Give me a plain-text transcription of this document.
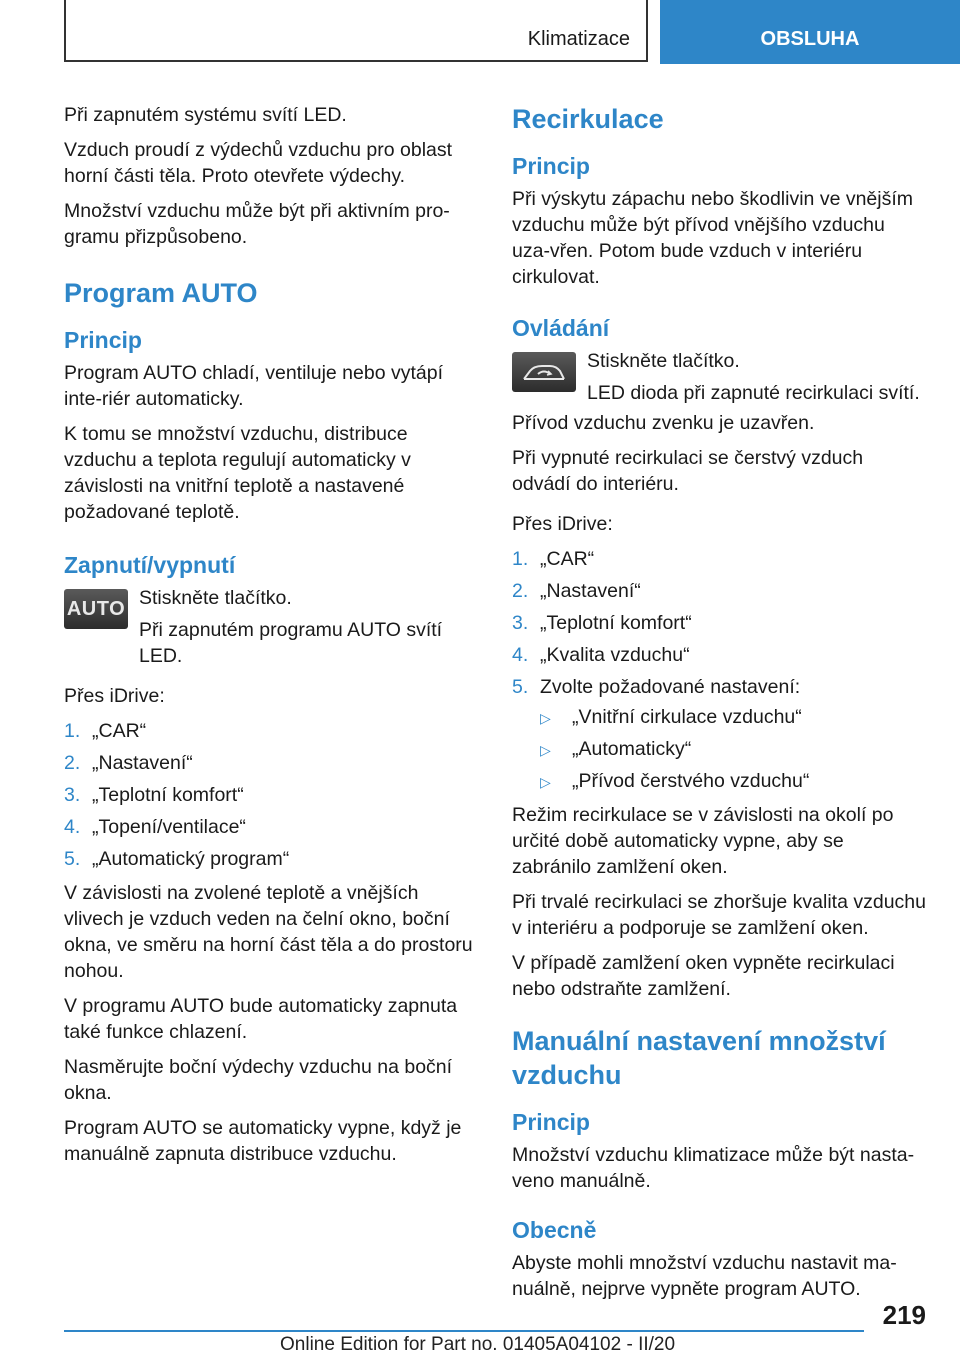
Klimatizace	OBSLUHA

Při zapnutém systému svítí LED.

Vzduch proudí z výdechů vzduchu pro oblast horní části těla. Proto otevřete výdechy.

Množství vzduchu může být při aktivním pro-gramu přizpůsobeno.

Program AUTO
Princip

Program AUTO chladí, ventiluje nebo vytápí inte-riér automaticky.

K tomu se množství vzduchu, distribuce vzduchu a teplota regulují automaticky v závislosti na vnitřní teplotě a nastavené požadované teplotě.

Zapnutí/vypnutí
AUTO Stiskněte tlačítko.

Při zapnutém programu AUTO svítí LED.

Přes iDrive:

1. „CAR“
2. „Nastavení“
3. „Teplotní komfort“
4. „Topení/ventilace“
5. „Automatický program“

V závislosti na zvolené teplotě a vnějších vlivech je vzduch veden na čelní okno, boční okna, ve směru na horní část těla a do prostoru nohou.

V programu AUTO bude automaticky zapnuta také funkce chlazení.

Nasměrujte boční výdechy vzduchu na boční okna.

Program AUTO se automaticky vypne, když je manuálně zapnuta distribuce vzduchu.

Recirkulace
Princip

Při výskytu zápachu nebo škodlivin ve vnějším vzduchu může být přívod vnějšího vzduchu uza-vřen. Potom bude vzduch v interiéru cirkulovat.

Ovládání

Stiskněte tlačítko.

LED dioda při zapnuté recirkulaci svítí.

Přívod vzduchu zvenku je uzavřen.

Při vypnuté recirkulaci se čerstvý vzduch odvádí do interiéru.

Přes iDrive:

1. „CAR“
2. „Nastavení“
3. „Teplotní komfort“
4. „Kvalita vzduchu“
5. Zvolte požadované nastavení:
▷ „Vnitřní cirkulace vzduchu“
▷ „Automaticky“
▷ „Přívod čerstvého vzduchu“

Režim recirkulace se v závislosti na okolí po určité době automaticky vypne, aby se zabránilo zamlžení oken.

Při trvalé recirkulaci se zhoršuje kvalita vzduchu v interiéru a podporuje se zamlžení oken.

V případě zamlžení oken vypněte recirkulaci nebo odstraňte zamlžení.

Manuální nastavení množství vzduchu
Princip

Množství vzduchu klimatizace může být nasta-veno manuálně.

Obecně

Abyste mohli množství vzduchu nastavit ma-nuálně, nejprve vypněte program AUTO.

219
Online Edition for Part no. 01405A04102 - II/20
